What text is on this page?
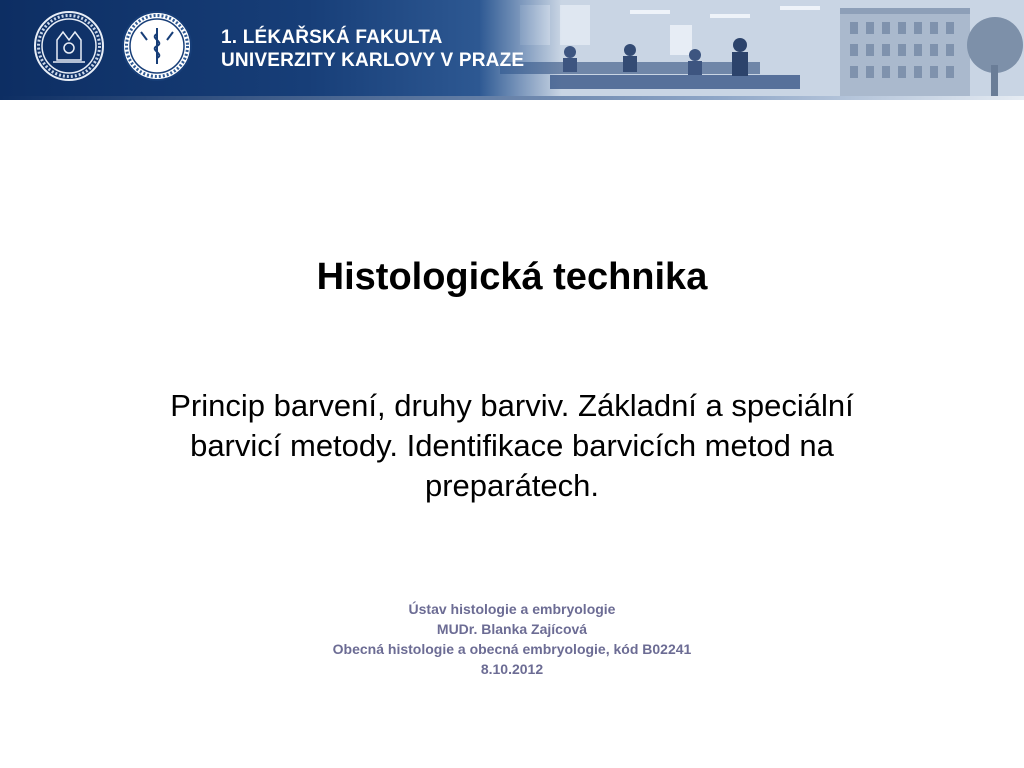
1. LÉKAŘSKÁ FAKULTA
UNIVERZITY KARLOVY V PRAZE
Histologická technika
Princip barvení, druhy barviv. Základní a speciální barvicí metody. Identifikace barvicích metod na preparátech.
Ústav histologie a embryologie
MUDr. Blanka Zajícová
Obecná histologie a obecná embryologie, kód B02241
8.10.2012
